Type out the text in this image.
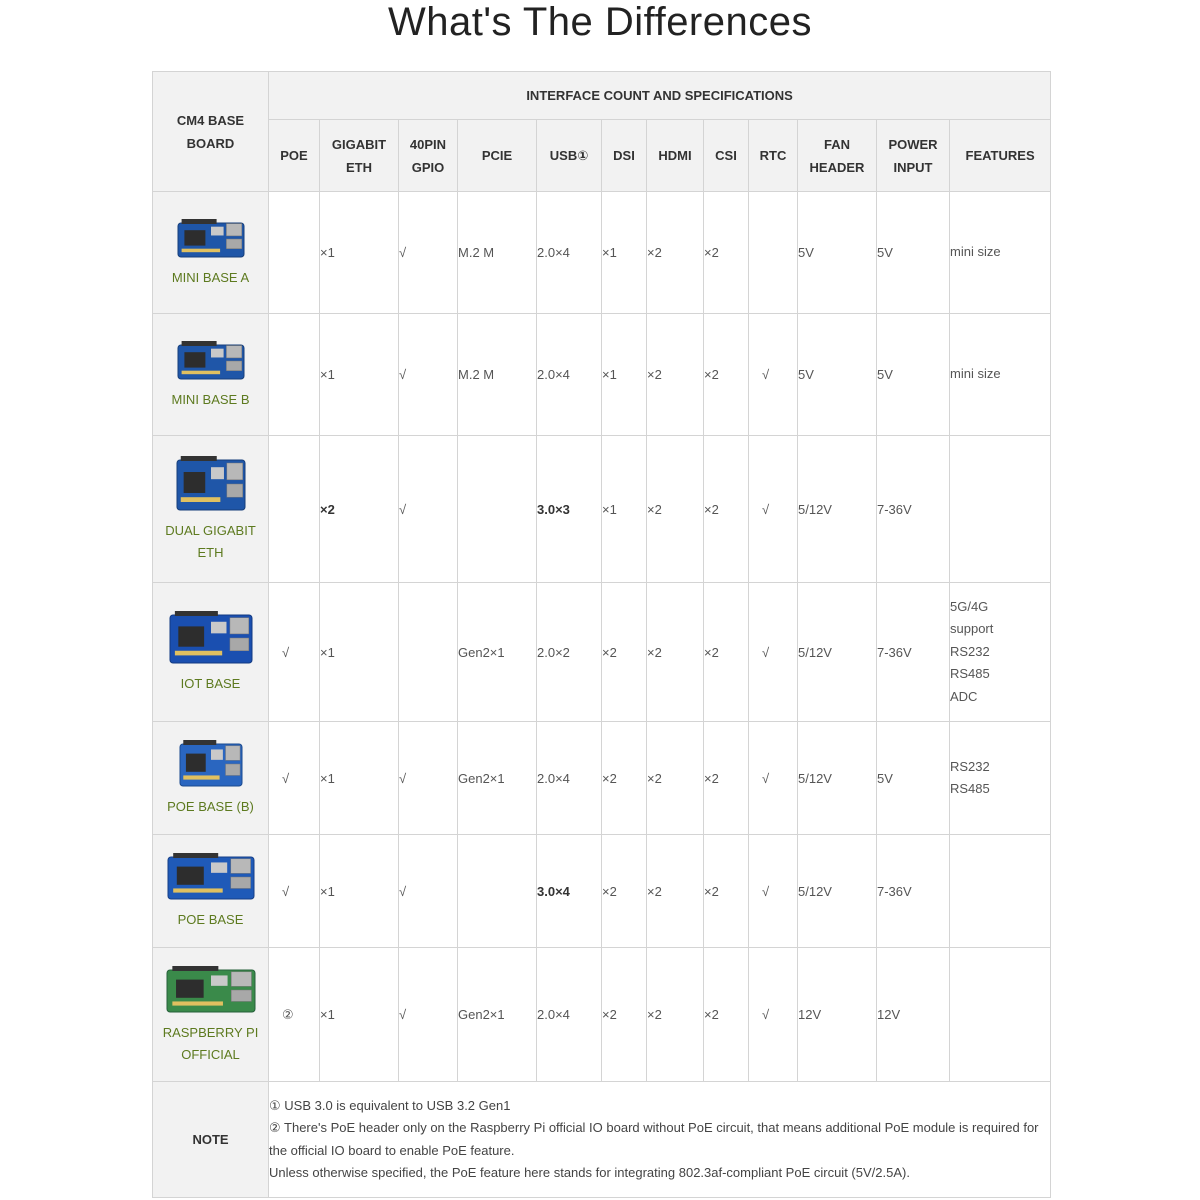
What's The Differences
CM4 BASE BOARD	INTERFACE COUNT AND SPECIFICATIONS											
	POE	GIGABIT ETH	40PIN GPIO	PCIE	USB①	DSI	HDMI	CSI	RTC	FAN HEADER	POWER INPUT	FEATURES

MINI BASE A		×1	√	M.2 M	2.0×4	×1	×2	×2		5V	5V	mini size

MINI BASE B		×1	√	M.2 M	2.0×4	×1	×2	×2	√	5V	5V	mini size

DUAL GIGABIT ETH		×2	√		3.0×3	×1	×2	×2	√	5/12V	7-36V	

IOT BASE	√	×1		Gen2×1	2.0×2	×2	×2	×2	√	5/12V	7-36V	5G/4G
support
RS232
RS485
ADC

POE BASE (B)	√	×1	√	Gen2×1	2.0×4	×2	×2	×2	√	5/12V	5V	RS232
RS485

POE BASE	√	×1	√		3.0×4	×2	×2	×2	√	5/12V	7-36V	

RASPBERRY PI OFFICIAL	②	×1	√	Gen2×1	2.0×4	×2	×2	×2	√	12V	12V	
NOTE	① USB 3.0 is equivalent to USB 3.2 Gen1
② There's PoE header only on the Raspberry Pi official IO board without PoE circuit, that means additional PoE module is required for the official IO board to enable PoE feature.
Unless otherwise specified, the PoE feature here stands for integrating 802.3af-compliant PoE circuit (5V/2.5A).											
